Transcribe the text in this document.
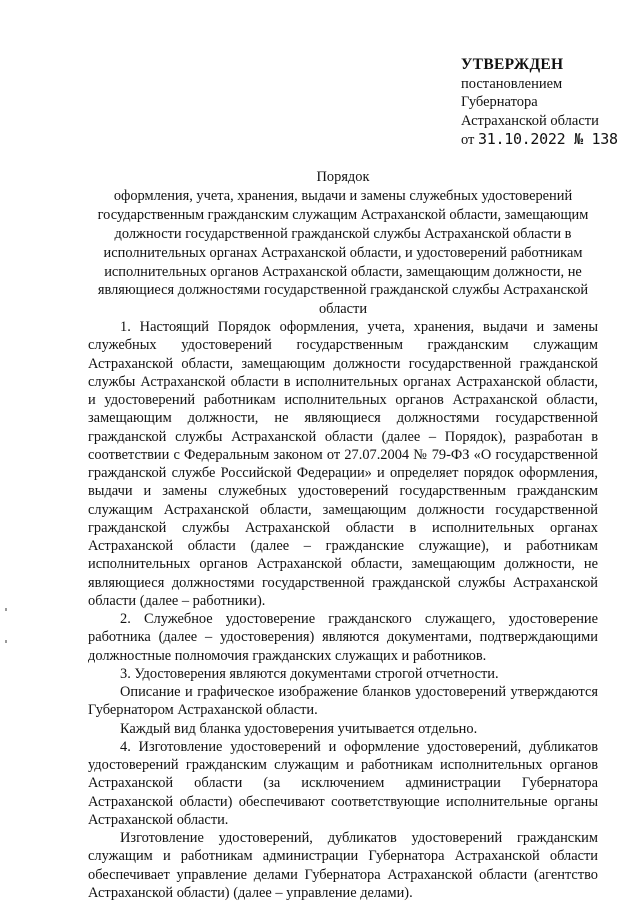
УТВЕРЖДЕН
постановлением
Губернатора
Астраханской области
от 31.10.2022 № 138
Порядок
оформления, учета, хранения, выдачи и замены служебных удостоверений государственным гражданским служащим Астраханской области, замещающим должности государственной гражданской службы Астраханской области в исполнительных органах Астраханской области, и удостоверений работникам исполнительных органов Астраханской области, замещающим должности, не являющиеся должностями государственной гражданской службы Астраханской области

1. Настоящий Порядок оформления, учета, хранения, выдачи и замены служебных удостоверений государственным гражданским служащим Астраханской области, замещающим должности государственной гражданской службы Астраханской области в исполнительных органах Астраханской области, и удостоверений работникам исполнительных органов Астраханской области, замещающим должности, не являющиеся должностями государственной гражданской службы Астраханской области (далее – Порядок), разработан в соответствии с Федеральным законом от 27.07.2004 № 79-ФЗ «О государственной гражданской службе Российской Федерации» и определяет порядок оформления, выдачи и замены служебных удостоверений государственным гражданским служащим Астраханской области, замещающим должности государственной гражданской службы Астраханской области в исполнительных органах Астраханской области (далее – гражданские служащие), и работникам исполнительных органов Астраханской области, замещающим должности, не являющиеся должностями государственной гражданской службы Астраханской области (далее – работники).

2. Служебное удостоверение гражданского служащего, удостоверение работника (далее – удостоверения) являются документами, подтверждающими должностные полномочия гражданских служащих и работников.

3. Удостоверения являются документами строгой отчетности.

Описание и графическое изображение бланков удостоверений утверждаются Губернатором Астраханской области.

Каждый вид бланка удостоверения учитывается отдельно.

4. Изготовление удостоверений и оформление удостоверений, дубликатов удостоверений гражданским служащим и работникам исполнительных органов Астраханской области (за исключением администрации Губернатора Астраханской области) обеспечивают соответствующие исполнительные органы Астраханской области.

Изготовление удостоверений, дубликатов удостоверений гражданским служащим и работникам администрации Губернатора Астраханской области обеспечивает управление делами Губернатора Астраханской области (агентство Астраханской области) (далее – управление делами).
